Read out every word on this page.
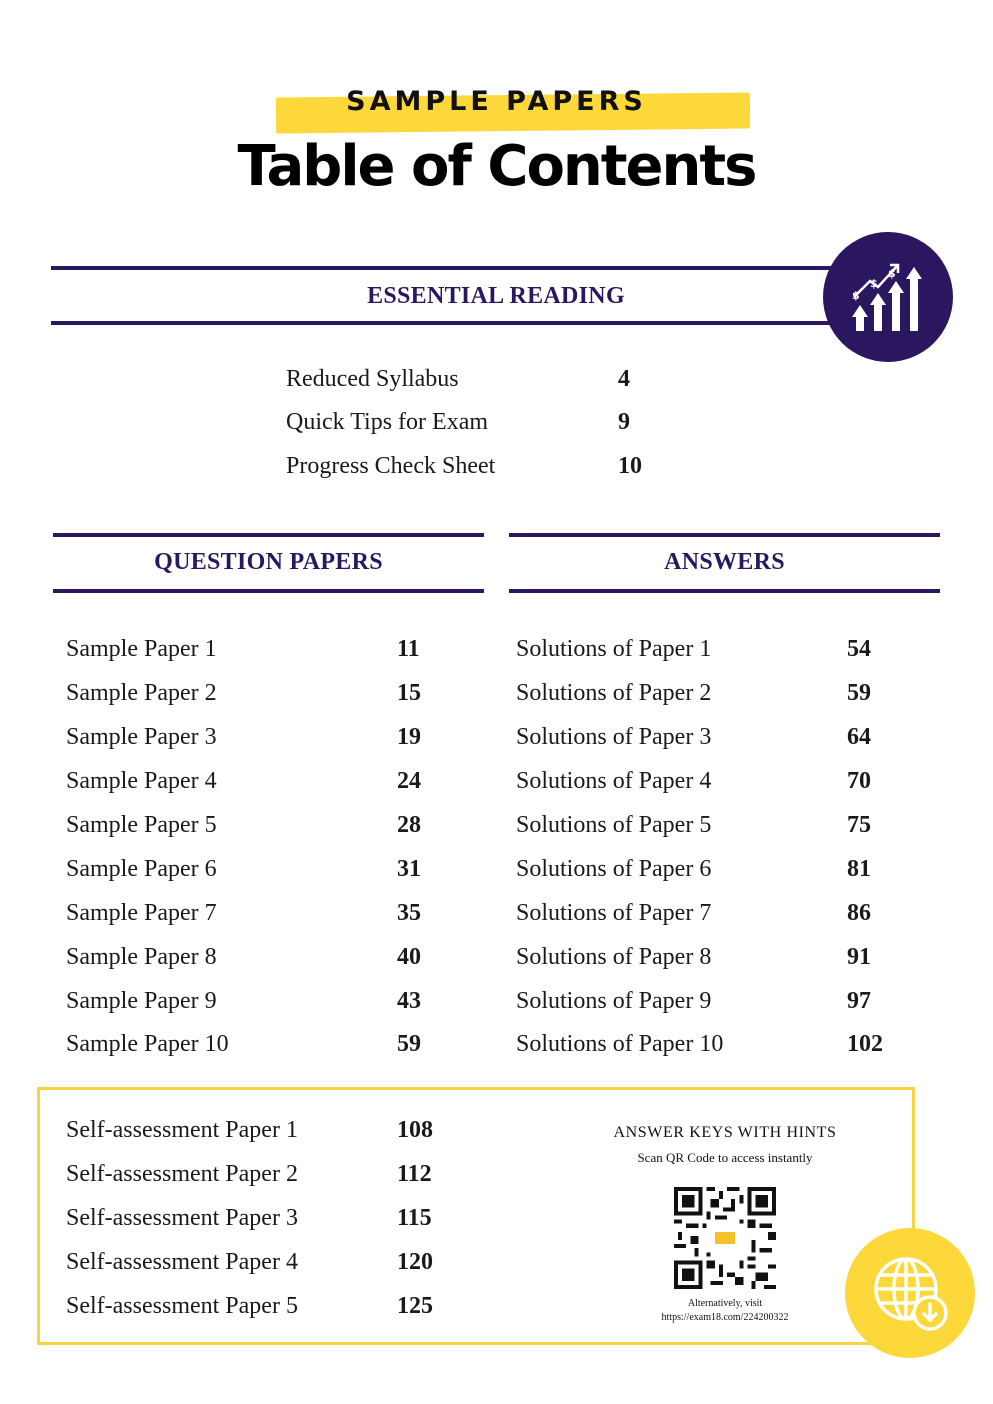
SAMPLE PAPERS
Table of Contents
ESSENTIAL READING	$
$
$
Reduced Syllabus	4
Quick Tips for Exam	9
Progress Check Sheet	10
QUESTION PAPERS	ANSWERS
Sample Paper 1	11
Sample Paper 2	15
Sample Paper 3	19
Sample Paper 4	24
Sample Paper 5	28
Sample Paper 6	31
Sample Paper 7	35
Sample Paper 8	40
Sample Paper 9	43
Sample Paper 10	59
Solutions of Paper 1	54
Solutions of Paper 2	59
Solutions of Paper 3	64
Solutions of Paper 4	70
Solutions of Paper 5	75
Solutions of Paper 6	81
Solutions of Paper 7	86
Solutions of Paper 8	91
Solutions of Paper 9	97
Solutions of Paper 10	102
Self-assessment Paper 1	108
Self-assessment Paper 2	112
Self-assessment Paper 3	115
Self-assessment Paper 4	120
Self-assessment Paper 5	125
ANSWER KEYS WITH HINTS
Scan QR Code to access instantly
Alternatively, visit
https://exam18.com/224200322
